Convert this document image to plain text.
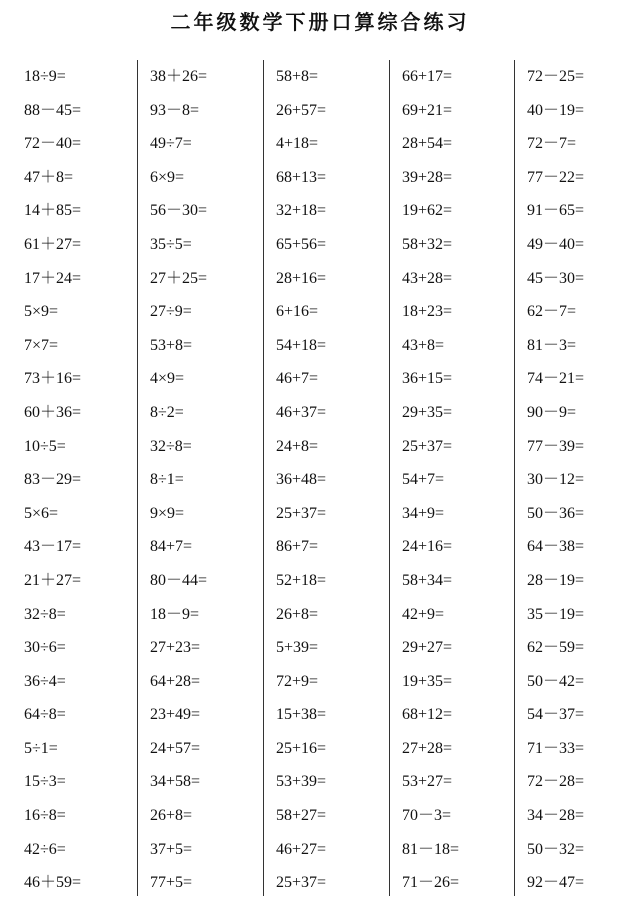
二年级数学下册口算综合练习
18÷9=
88－45=
72－40=
47＋8=
14＋85=
61＋27=
17＋24=
5×9=
7×7=
73＋16=
60＋36=
10÷5=
83－29=
5×6=
43－17=
21＋27=
32÷8=
30÷6=
36÷4=
64÷8=
5÷1=
15÷3=
16÷8=
42÷6=
46＋59=
38＋26=
93－8=
49÷7=
6×9=
56－30=
35÷5=
27＋25=
27÷9=
53+8=
4×9=
8÷2=
32÷8=
8÷1=
9×9=
84+7=
80－44=
18－9=
27+23=
64+28=
23+49=
24+57=
34+58=
26+8=
37+5=
77+5=
58+8=
26+57=
4+18=
68+13=
32+18=
65+56=
28+16=
6+16=
54+18=
46+7=
46+37=
24+8=
36+48=
25+37=
86+7=
52+18=
26+8=
5+39=
72+9=
15+38=
25+16=
53+39=
58+27=
46+27=
25+37=
66+17=
69+21=
28+54=
39+28=
19+62=
58+32=
43+28=
18+23=
43+8=
36+15=
29+35=
25+37=
54+7=
34+9=
24+16=
58+34=
42+9=
29+27=
19+35=
68+12=
27+28=
53+27=
70－3=
81－18=
71－26=
72－25=
40－19=
72－7=
77－22=
91－65=
49－40=
45－30=
62－7=
81－3=
74－21=
90－9=
77－39=
30－12=
50－36=
64－38=
28－19=
35－19=
62－59=
50－42=
54－37=
71－33=
72－28=
34－28=
50－32=
92－47=
